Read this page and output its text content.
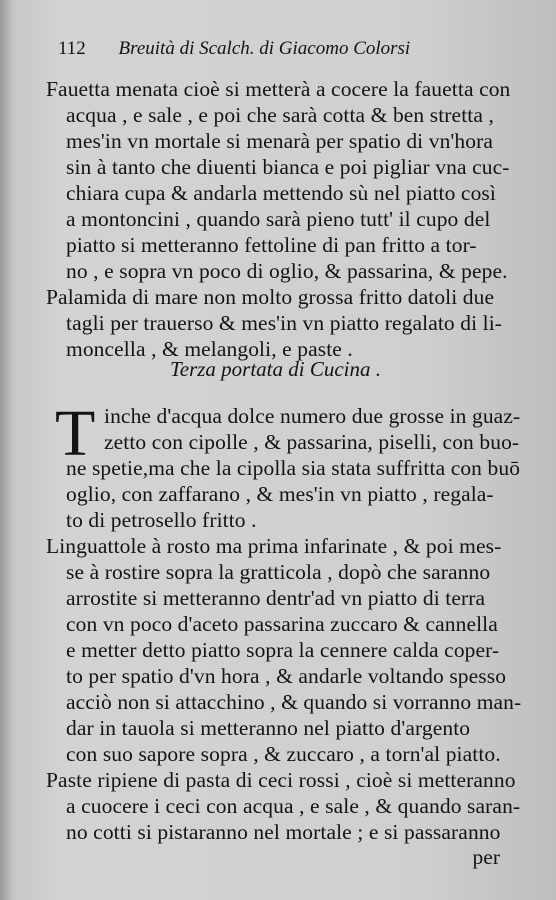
112 Breuità di Scalch. di Giacomo Colorsi
Fauetta menata cioè si metterà a cocere la fauetta con
acqua , e sale , e poi che sarà cotta & ben stretta ,
mes'in vn mortale si menarà per spatio di vn'hora
sin à tanto che diuenti bianca e poi pigliar vna cuc-
chiara cupa & andarla mettendo sù nel piatto così
a montoncini , quando sarà pieno tutt' il cupo del
piatto si metteranno fettoline di pan fritto a tor-
no , e sopra vn poco di oglio, & passarina, & pepe.
Palamida di mare non molto grossa fritto datoli due
tagli per trauerso & mes'in vn piatto regalato di li-
moncella , & melangoli, e paste .
Terza portata di Cucina .
T inche d'acqua dolce numero due grosse in guaz-
zetto con cipolle , & passarina, piselli, con buo-
ne spetie,ma che la cipolla sia stata suffritta con buō
oglio, con zaffarano , & mes'in vn piatto , regala-
to di petrosello fritto .
Linguattole à rosto ma prima infarinate , & poi mes-
se à rostire sopra la gratticola , dopò che saranno
arrostite si metteranno dentr'ad vn piatto di terra
con vn poco d'aceto passarina zuccaro & cannella
e metter detto piatto sopra la cennere calda coper-
to per spatio d'vn hora , & andarle voltando spesso
acciò non si attacchino , & quando si vorranno man-
dar in tauola si metteranno nel piatto d'argento
con suo sapore sopra , & zuccaro , a torn'al piatto.
Paste ripiene di pasta di ceci rossi , cioè si metteranno
a cuocere i ceci con acqua , e sale , & quando saran-
no cotti si pistaranno nel mortale ; e si passaranno
per
